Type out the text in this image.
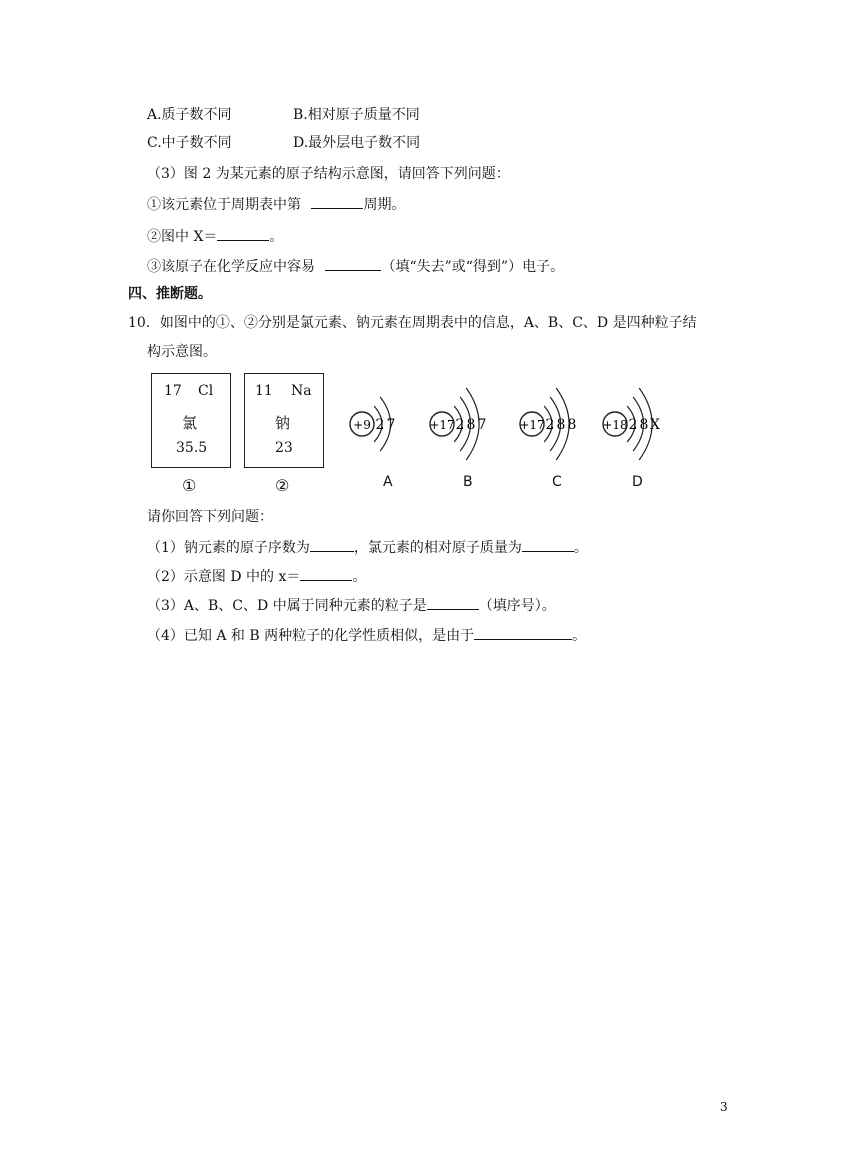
A.质子数不同	B.相对原子质量不同
C.中子数不同	D.最外层电子数不同
（3）图 2 为某元素的原子结构示意图，请回答下列问题：
①该元素位于周期表中第	周期。
②图中 X＝	。
③该原子在化学反应中容易	（填“失去”或“得到”）电子。
四、推断题。
10．如图中的①、②分别是氯元素、钠元素在周期表中的信息，A、B、C、D 是四种粒子结
构示意图。
17 Cl
氯
35.5
11 Na
钠
23
①	②
+9 2 7	+17 2 8 7	+17 2 8 8 +18 2 8 X
A	B	C	D
请你回答下列问题：
（1）钠元素的原子序数为	，氯元素的相对原子质量为	。
（2）示意图 D 中的 x＝	。
（3）A、B、C、D 中属于同种元素的粒子是	（填序号）。
（4）已知 A 和 B 两种粒子的化学性质相似，是由于	。
3
